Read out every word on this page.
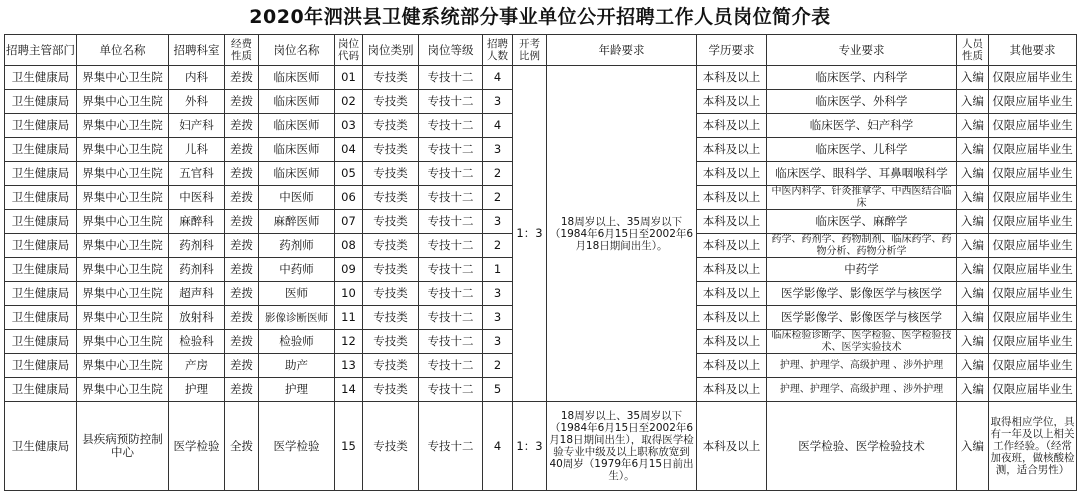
2020年泗洪县卫健系统部分事业单位公开招聘工作人员岗位简介表
招聘主管部门	单位名称	招聘科室	经费性质	岗位名称	岗位代码	岗位类别	岗位等级	招聘人数	开考比例	年龄要求	学历要求	专业要求	人员性质	其他要求
卫生健康局	界集中心卫生院	内科	差拨	临床医师	01	专技类	专技十二	4	1：3	18周岁以上、35周岁以下（1984年6月15日至2002年6月18日期间出生）。	本科及以上	临床医学、内科学	入编	仅限应届毕业生
卫生健康局	界集中心卫生院	外科	差拨	临床医师	02	专技类	专技十二	3			本科及以上	临床医学、外科学	入编	仅限应届毕业生
卫生健康局	界集中心卫生院	妇产科	差拨	临床医师	03	专技类	专技十二	4			本科及以上	临床医学、妇产科学	入编	仅限应届毕业生
卫生健康局	界集中心卫生院	儿科	差拨	临床医师	04	专技类	专技十二	3			本科及以上	临床医学、儿科学	入编	仅限应届毕业生
卫生健康局	界集中心卫生院	五官科	差拨	临床医师	05	专技类	专技十二	2			本科及以上	临床医学、眼科学、耳鼻咽喉科学	入编	仅限应届毕业生
卫生健康局	界集中心卫生院	中医科	差拨	中医师	06	专技类	专技十二	2			本科及以上	中医内科学、针灸推拿学、中西医结合临床	入编	仅限应届毕业生
卫生健康局	界集中心卫生院	麻醉科	差拨	麻醉医师	07	专技类	专技十二	3			本科及以上	临床医学、麻醉学	入编	仅限应届毕业生
卫生健康局	界集中心卫生院	药剂科	差拨	药剂师	08	专技类	专技十二	2			本科及以上	药学、药剂学、药物制剂、临床药学、药物分析、药物分析学	入编	仅限应届毕业生
卫生健康局	界集中心卫生院	药剂科	差拨	中药师	09	专技类	专技十二	1			本科及以上	中药学	入编	仅限应届毕业生
卫生健康局	界集中心卫生院	超声科	差拨	医师	10	专技类	专技十二	3			本科及以上	医学影像学、影像医学与核医学	入编	仅限应届毕业生
卫生健康局	界集中心卫生院	放射科	差拨	影像诊断医师	11	专技类	专技十二	3			本科及以上	医学影像学、影像医学与核医学	入编	仅限应届毕业生
卫生健康局	界集中心卫生院	检验科	差拨	检验师	12	专技类	专技十二	3			本科及以上	临床检验诊断学、医学检验、医学检验技术、医学实验技术	入编	仅限应届毕业生
卫生健康局	界集中心卫生院	产房	差拨	助产	13	专技类	专技十二	2			本科及以上	护理、护理学、高级护理 、涉外护理	入编	仅限应届毕业生
卫生健康局	界集中心卫生院	护理	差拨	护理	14	专技类	专技十二	5			本科及以上	护理、护理学、高级护理 、涉外护理	入编	仅限应届毕业生
卫生健康局	县疾病预防控制中心	医学检验	全拨	医学检验	15	专技类	专技十二	4	1：3	18周岁以上、35周岁以下（1984年6月15日至2002年6月18日期间出生），取得医学检验专业中级及以上职称放宽到40周岁（1979年6月15日前出生）。	本科及以上	医学检验、医学检验技术	入编	取得相应学位，具有一年及以上相关工作经验。（经常加夜班，做核酸检测，适合男性）
